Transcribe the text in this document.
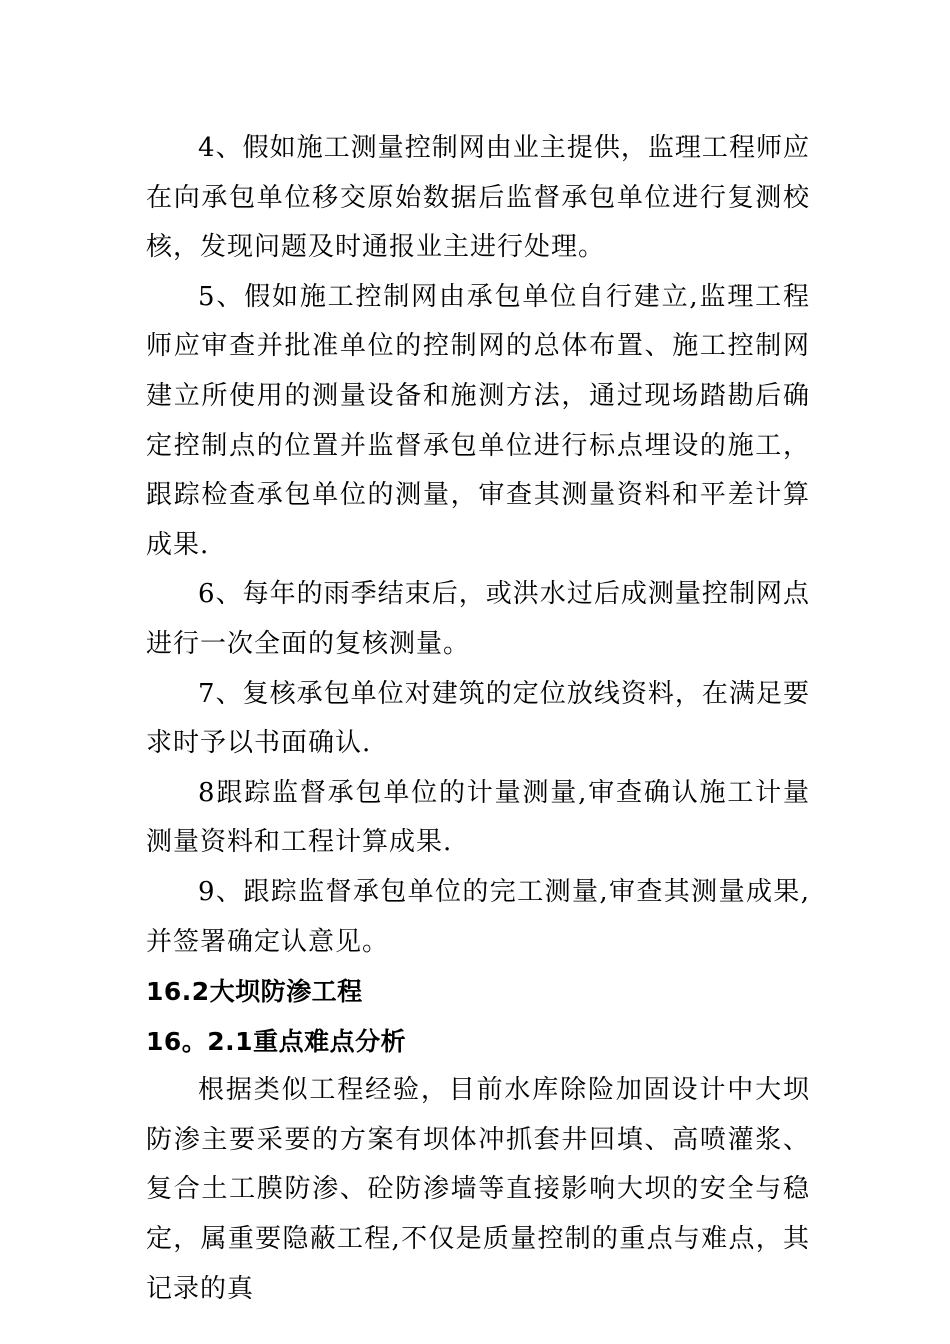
4、假如施工测量控制网由业主提供，监理工程师应在向承包单位移交原始数据后监督承包单位进行复测校核，发现问题及时通报业主进行处理。

5、假如施工控制网由承包单位自行建立,监理工程师应审查并批准单位的控制网的总体布置、施工控制网建立所使用的测量设备和施测方法，通过现场踏勘后确定控制点的位置并监督承包单位进行标点埋设的施工，跟踪检查承包单位的测量，审查其测量资料和平差计算成果.

6、每年的雨季结束后，或洪水过后成测量控制网点进行一次全面的复核测量。

7、复核承包单位对建筑的定位放线资料，在满足要求时予以书面确认.

8跟踪监督承包单位的计量测量,审查确认施工计量测量资料和工程计算成果.

9、跟踪监督承包单位的完工测量,审查其测量成果,并签署确定认意见。

16.2大坝防渗工程
16。2.1重点难点分析

根据类似工程经验，目前水库除险加固设计中大坝防渗主要采要的方案有坝体冲抓套井回填、高喷灌浆、复合土工膜防渗、砼防渗墙等直接影响大坝的安全与稳定，属重要隐蔽工程,不仅是质量控制的重点与难点，其记录的真
